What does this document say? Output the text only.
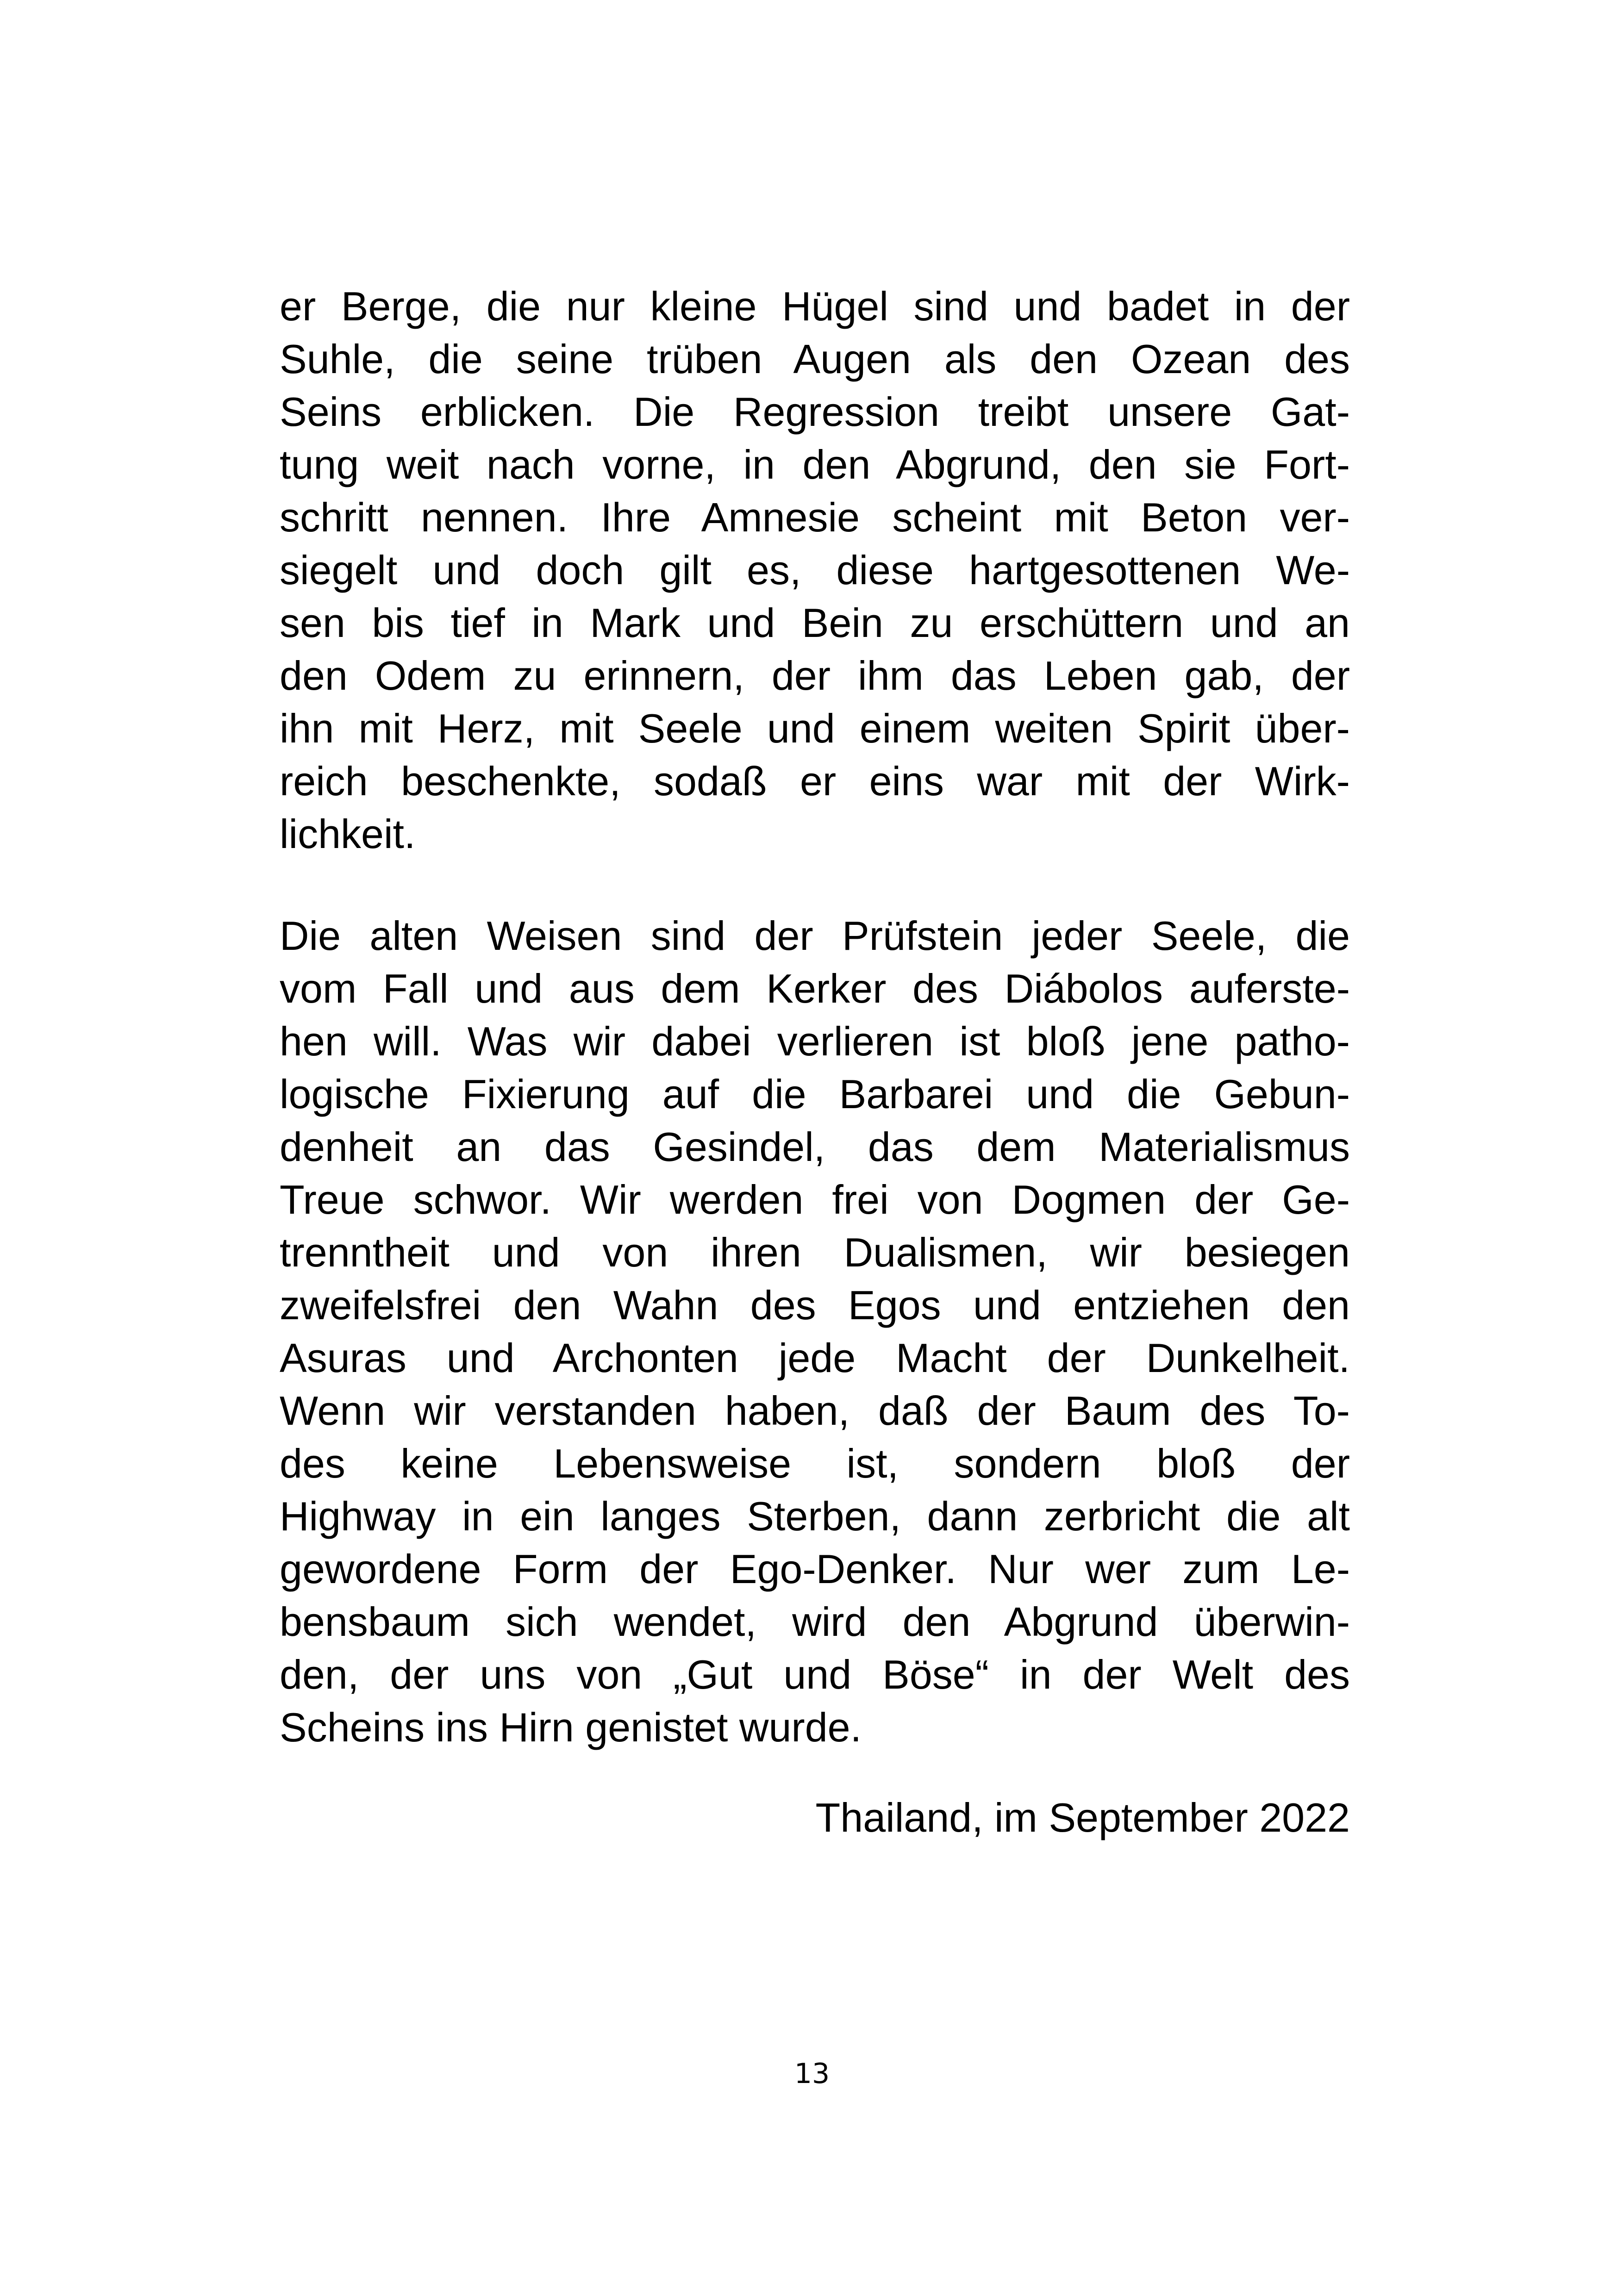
er Berge, die nur kleine Hügel sind und badet in der
Suhle, die seine trüben Augen als den Ozean des
Seins erblicken. Die Regression treibt unsere Gat-
tung weit nach vorne, in den Abgrund, den sie Fort-
schritt nennen. Ihre Amnesie scheint mit Beton ver-
siegelt und doch gilt es, diese hartgesottenen We-
sen bis tief in Mark und Bein zu erschüttern und an
den Odem zu erinnern, der ihm das Leben gab, der
ihn mit Herz, mit Seele und einem weiten Spirit über-
reich beschenkte, sodaß er eins war mit der Wirk-
lichkeit.
Die alten Weisen sind der Prüfstein jeder Seele, die
vom Fall und aus dem Kerker des Diábolos auferste-
hen will. Was wir dabei verlieren ist bloß jene patho-
logische Fixierung auf die Barbarei und die Gebun-
denheit an das Gesindel, das dem Materialismus
Treue schwor. Wir werden frei von Dogmen der Ge-
trenntheit und von ihren Dualismen, wir besiegen
zweifelsfrei den Wahn des Egos und entziehen den
Asuras und Archonten jede Macht der Dunkelheit.
Wenn wir verstanden haben, daß der Baum des To-
des keine Lebensweise ist, sondern bloß der
Highway in ein langes Sterben, dann zerbricht die alt
gewordene Form der Ego-Denker. Nur wer zum Le-
bensbaum sich wendet, wird den Abgrund überwin-
den, der uns von „Gut und Böse“ in der Welt des
Scheins ins Hirn genistet wurde.
Thailand, im September 2022
13
